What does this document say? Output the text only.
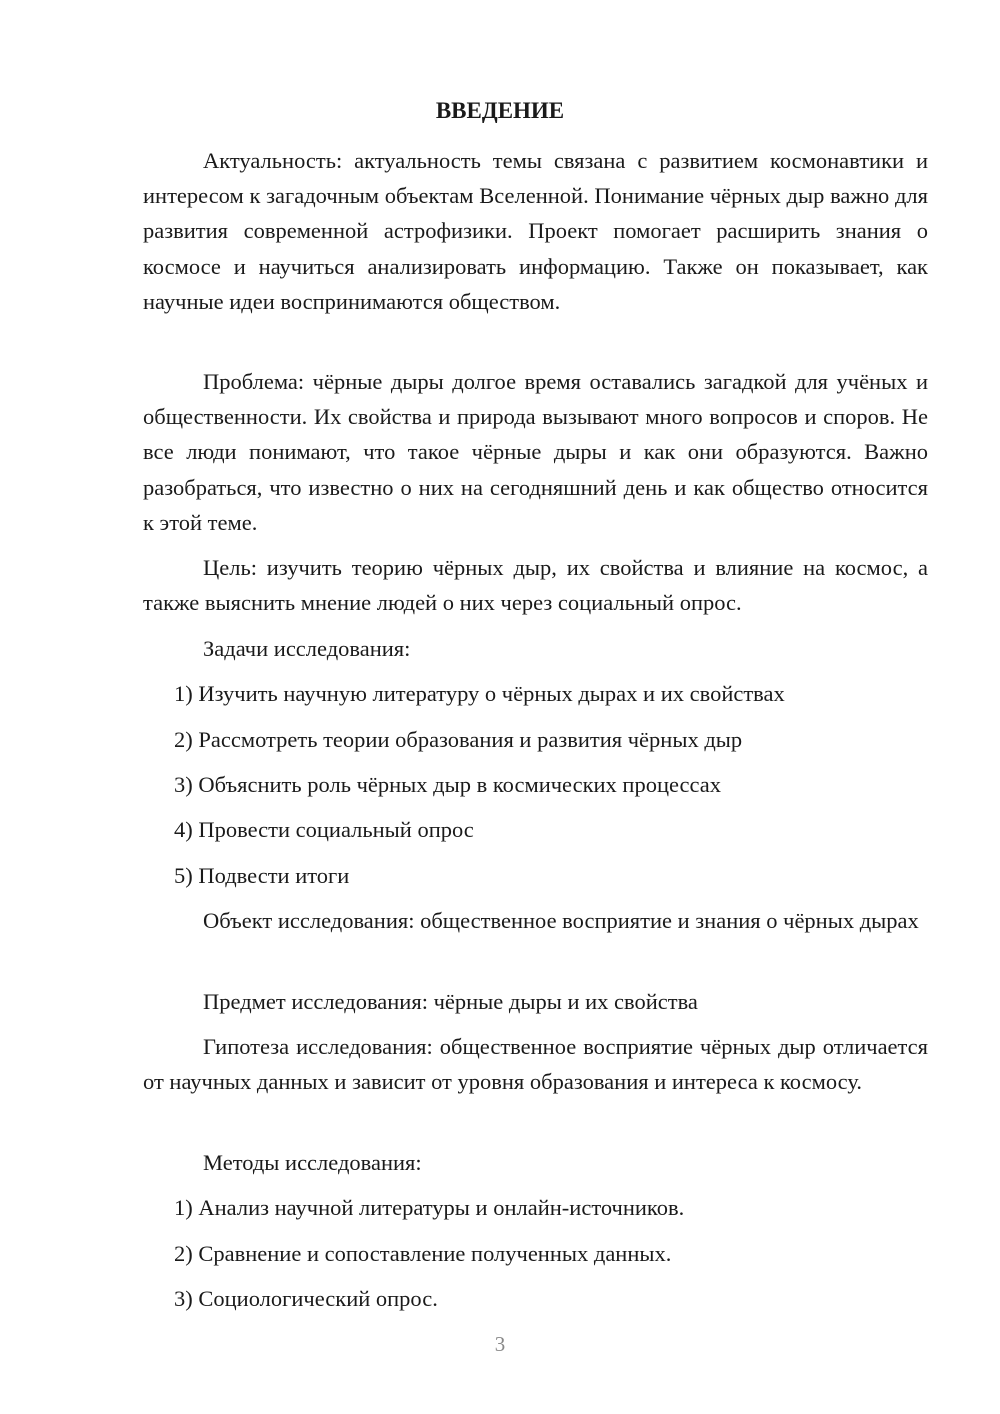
ВВЕДЕНИЕ

Актуальность: актуальность темы связана с развитием космонавтики и интересом к загадочным объектам Вселенной. Понимание чёрных дыр важно для развития современной астрофизики. Проект помогает расширить знания о космосе и научиться анализировать информацию. Также он показывает, как научные идеи воспринимаются обществом.

Проблема: чёрные дыры долгое время оставались загадкой для учёных и общественности. Их свойства и природа вызывают много вопросов и споров. Не все люди понимают, что такое чёрные дыры и как они образуются. Важно разобраться, что известно о них на сегодняшний день и как общество относится к этой теме.

Цель: изучить теорию чёрных дыр, их свойства и влияние на космос, а также выяснить мнение людей о них через социальный опрос.

Задачи исследования:

1) Изучить научную литературу о чёрных дырах и их свойствах

2) Рассмотреть теории образования и развития чёрных дыр

3) Объяснить роль чёрных дыр в космических процессах

4) Провести социальный опрос

5) Подвести итоги

Объект исследования: общественное восприятие и знания о чёрных дырах

Предмет исследования: чёрные дыры и их свойства

Гипотеза исследования: общественное восприятие чёрных дыр отличается от научных данных и зависит от уровня образования и интереса к космосу.

Методы исследования:

1) Анализ научной литературы и онлайн-источников.

2) Сравнение и сопоставление полученных данных.

3) Социологический опрос.

3
